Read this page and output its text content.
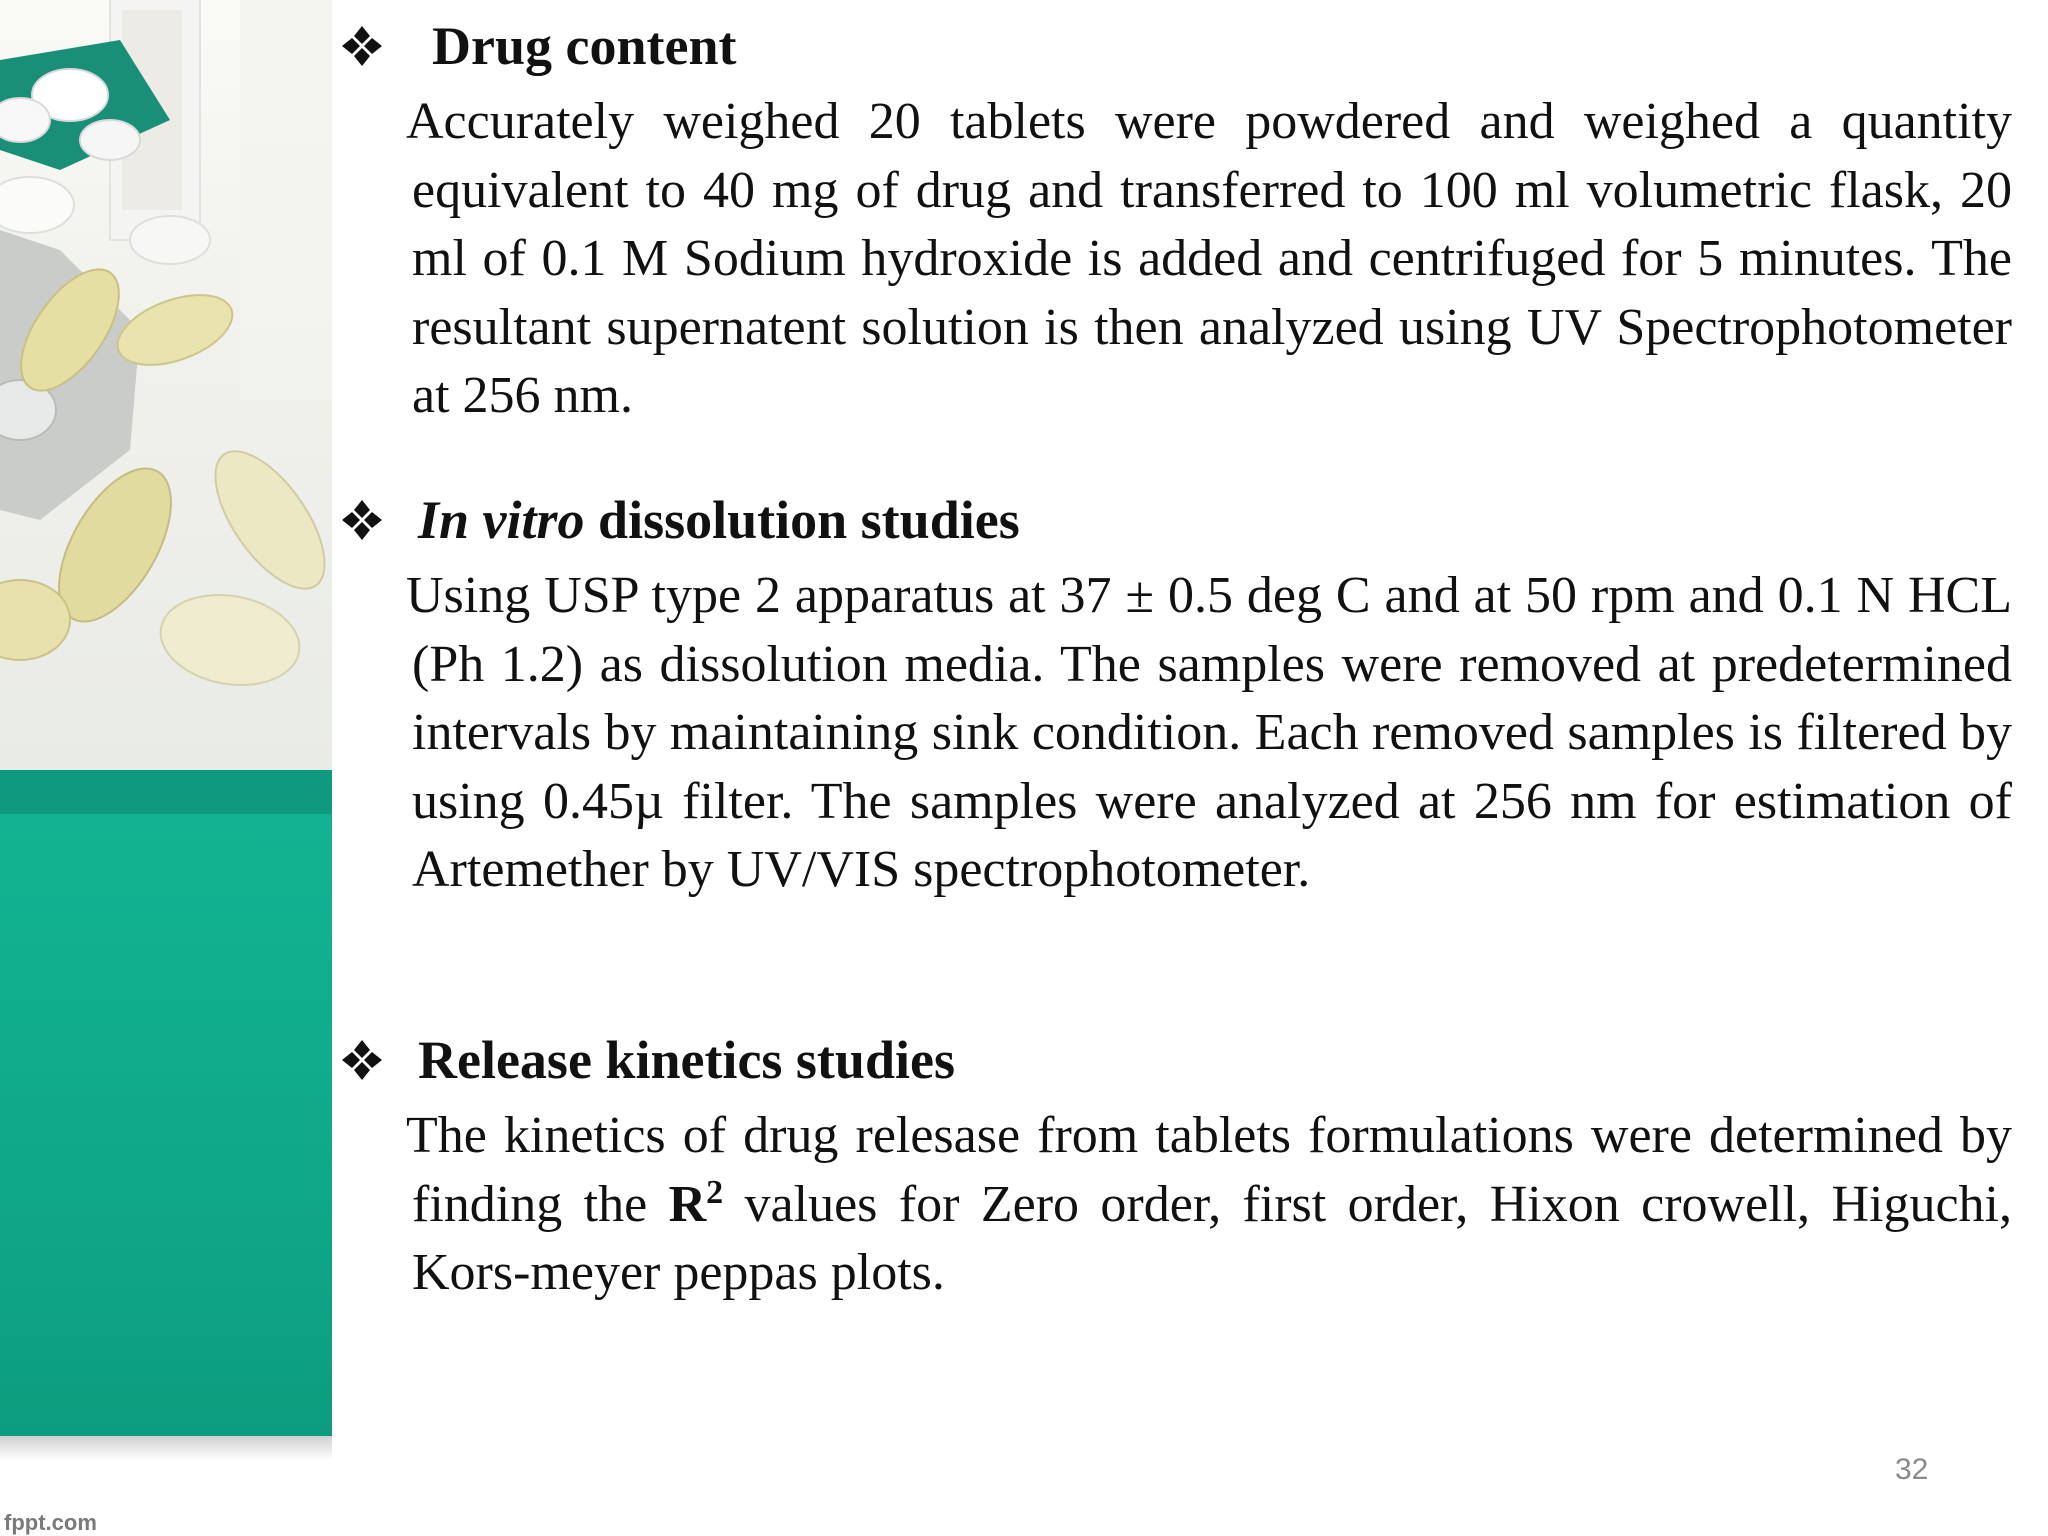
fppt.com
Drug content
Accurately weighed 20 tablets were powdered and weighed a quantity equivalent to 40 mg of drug and transferred to 100 ml volumetric flask, 20 ml of 0.1 M Sodium hydroxide is added and centrifuged for 5 minutes. The resultant supernatent solution is then analyzed using UV Spectrophotometer at 256 nm.
In vitro dissolution studies
Using USP type 2 apparatus at 37 ± 0.5 deg C and at 50 rpm and 0.1 N HCL (Ph 1.2) as dissolution media. The samples were removed at predetermined intervals by maintaining sink condition. Each removed samples is filtered by using 0.45µ filter. The samples were analyzed at 256 nm for estimation of Artemether by UV/VIS spectrophotometer.
Release kinetics studies
The kinetics of drug relesase from tablets formulations were determined by finding the $R^2$ values for Zero order, first order, Hixon crowell, Higuchi, Kors-meyer peppas plots.
32
